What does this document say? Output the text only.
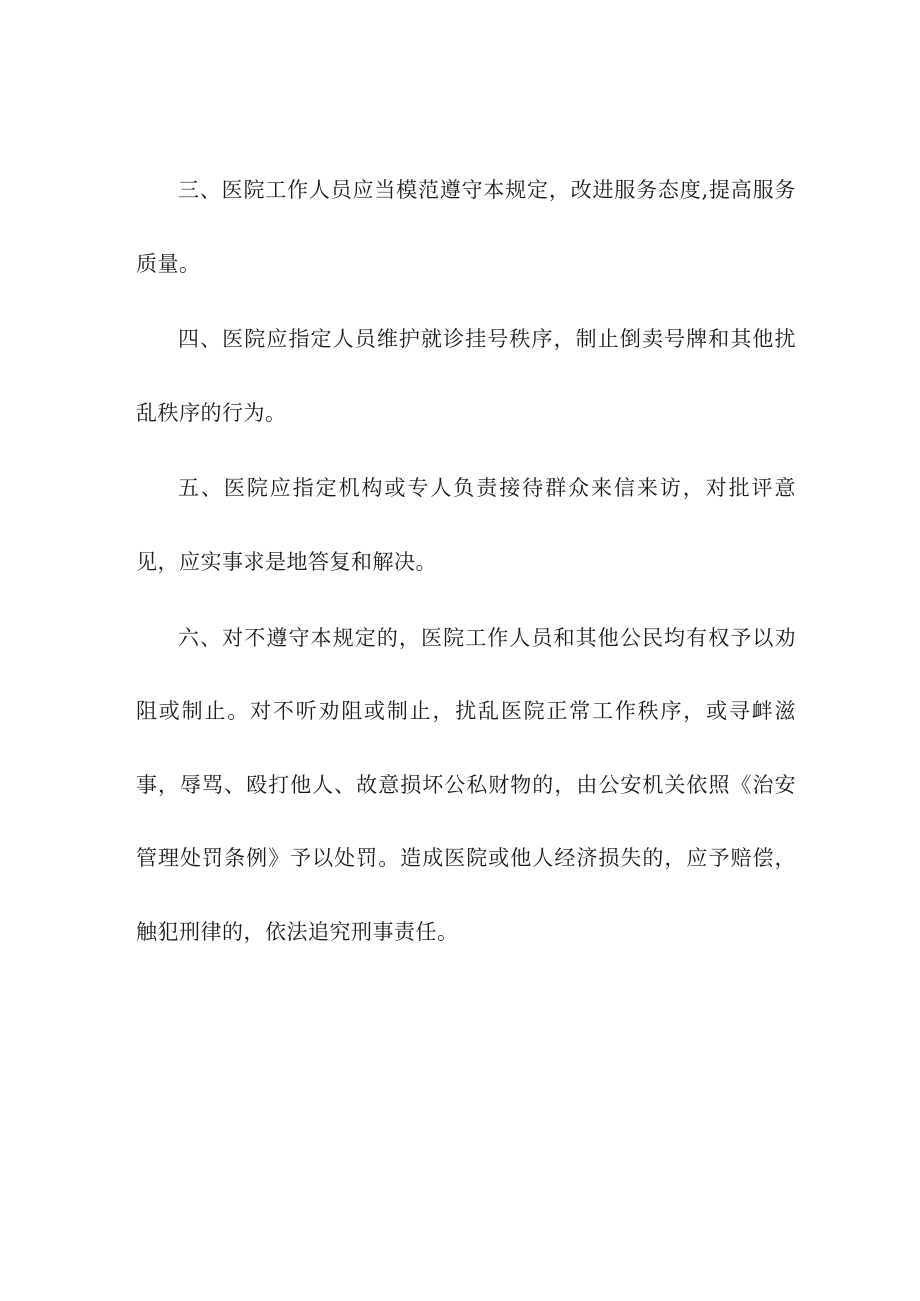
三、医院工作人员应当模范遵守本规定，改进服务态度,提高服务质量。

四、医院应指定人员维护就诊挂号秩序，制止倒卖号牌和其他扰乱秩序的行为。

五、医院应指定机构或专人负责接待群众来信来访，对批评意见，应实事求是地答复和解决。

六、对不遵守本规定的，医院工作人员和其他公民均有权予以劝阻或制止。对不听劝阻或制止，扰乱医院正常工作秩序，或寻衅滋事，辱骂、殴打他人、故意损坏公私财物的，由公安机关依照《治安管理处罚条例》予以处罚。造成医院或他人经济损失的，应予赔偿，触犯刑律的，依法追究刑事责任。
